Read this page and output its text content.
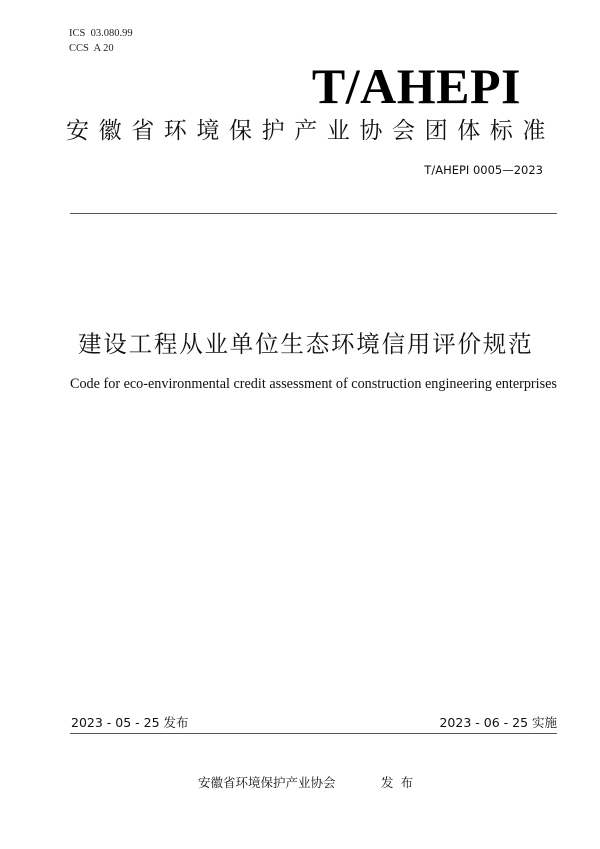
ICS  03.080.99
CCS  A 20
T/AHEPI
安徽省环境保护产业协会团体标准
T/AHEPI 0005—2023
建设工程从业单位生态环境信用评价规范
Code for eco-environmental credit assessment of construction engineering enterprises
2023 - 05 - 25 发布	2023 - 06 - 25 实施
安徽省环境保护产业协会	发布
